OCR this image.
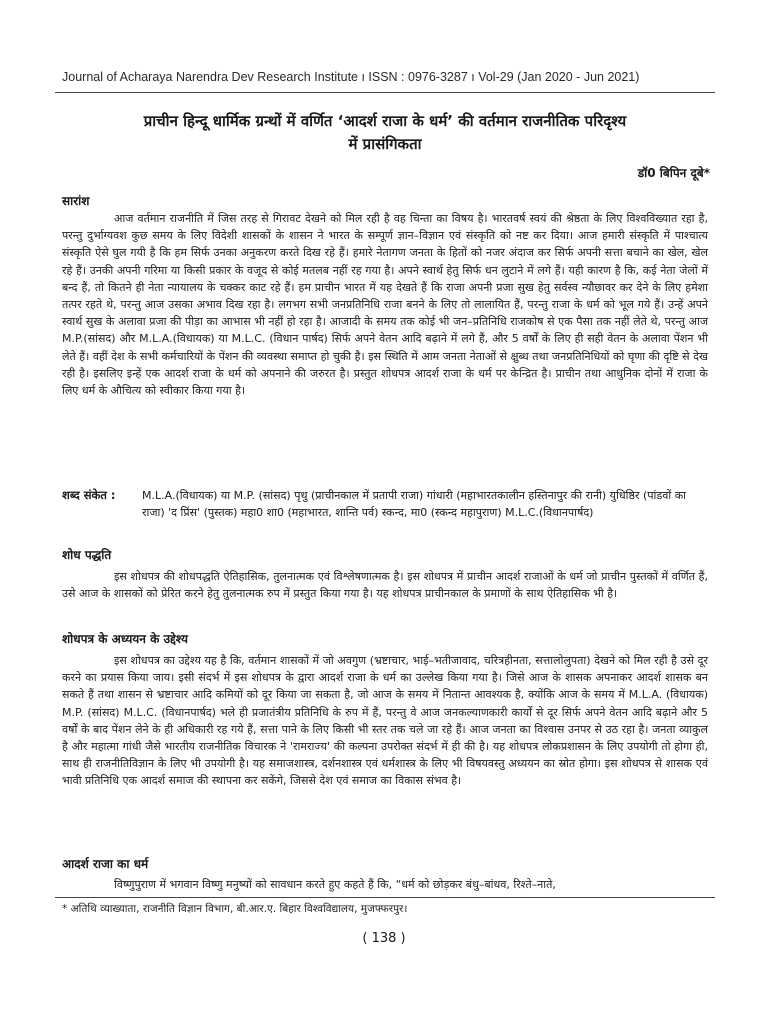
Journal of Acharaya Narendra Dev Research Institute ı ISSN : 0976-3287 ı Vol-29 (Jan 2020 - Jun 2021)
प्राचीन हिन्दू धार्मिक ग्रन्थों में वर्णित ‘आदर्श राजा के धर्म’ की वर्तमान राजनीतिक परिदृश्य
में प्रासंगिकता
डॉ0 बिपिन दूबे*
सारांश
आज वर्तमान राजनीति में जिस तरह से गिरावट देखने को मिल रही है वह चिन्ता का विषय है। भारतवर्ष स्वयं की श्रेष्ठता के लिए विश्वविख्यात रहा है, परन्तु दुर्भाग्यवश कुछ समय के लिए विदेशी शासकों के शासन ने भारत के सम्पूर्ण ज्ञान–विज्ञान एवं संस्कृति को नष्ट कर दिया। आज हमारी संस्कृति में पाश्चात्य संस्कृति ऐसे घुल गयी है कि हम सिर्फ उनका अनुकरण करते दिख रहे हैं। हमारे नेतागण जनता के हितों को नजर अंदाज कर सिर्फ अपनी सत्ता बचाने का खेल, खेल रहे हैं। उनकी अपनी गरिमा या किसी प्रकार के वजूद से कोई मतलब नहीं रह गया है। अपने स्वार्थ हेतु सिर्फ धन लुटाने में लगे हैं। यही कारण है कि, कई नेता जेलों में बन्द हैं, तो कितने ही नेता न्यायालय के चक्कर काट रहे हैं। हम प्राचीन भारत में यह देखते हैं कि राजा अपनी प्रजा सुख हेतु सर्वस्व न्यौछावर कर देने के लिए हमेशा तत्पर रहते थे, परन्तु आज उसका अभाव दिख रहा है। लगभग सभी जनप्रतिनिधि राजा बनने के लिए तो लालायित हैं, परन्तु राजा के धर्म को भूल गये हैं। उन्हें अपने स्वार्थ सुख के अलावा प्रजा की पीड़ा का आभास भी नहीं हो रहा है। आजादी के समय तक कोई भी जन–प्रतिनिधि राजकोष से एक पैसा तक नहीं लेते थे, परन्तु आज M.P.(सांसद) और M.L.A.(विधायक) या M.L.C. (विधान पार्षद) सिर्फ अपने वेतन आदि बढ़ाने में लगे हैं, और 5 वर्षों के लिए ही सही वेतन के अलावा पेंशन भी लेते हैं। वहीं देश के सभी कर्मचारियों के पेंशन की व्यवस्था समाप्त हो चुकी है। इस स्थिति में आम जनता नेताओं से क्षुब्ध तथा जनप्रतिनिधियों को घृणा की दृष्टि से देख रही है। इसलिए इन्हें एक आदर्श राजा के धर्म को अपनाने की जरुरत है। प्रस्तुत शोधपत्र आदर्श राजा के धर्म पर केन्द्रित है। प्राचीन तथा आधुनिक दोनों में राजा के लिए धर्म के औचित्य को स्वीकार किया गया है।
शब्द संकेत : M.L.A.(विधायक) या M.P. (सांसद) पृथु (प्राचीनकाल में प्रतापी राजा) गांधारी (महाभारतकालीन हस्तिनापुर की रानी) युधिष्ठिर (पांडवों का राजा) 'द प्रिंस' (पुस्तक) महा0 शा0 (महाभारत, शान्ति पर्व) स्कन्द, मा0 (स्कन्द महापुराण) M.L.C.(विधानपार्षद)
शोध पद्धति
इस शोधपत्र की शोधपद्धति ऐतिहासिक, तुलनात्मक एवं विश्लेषणात्मक है। इस शोधपत्र में प्राचीन आदर्श राजाओं के धर्म जो प्राचीन पुस्तकों में वर्णित हैं, उसे आज के शासकों को प्रेरित करने हेतु तुलनात्मक रुप में प्रस्तुत किया गया है। यह शोधपत्र प्राचीनकाल के प्रमाणों के साथ ऐतिहासिक भी है।
शोधपत्र के अध्ययन के उद्देश्य
इस शोधपत्र का उद्देश्य यह है कि, वर्तमान शासकों में जो अवगुण (भ्रष्टाचार, भाई–भतीजावाद, चरित्रहीनता, सत्तालोलुपता) देखने को मिल रही है उसे दूर करने का प्रयास किया जाय। इसी संदर्भ में इस शोधपत्र के द्वारा आदर्श राजा के धर्म का उल्लेख किया गया है। जिसे आज के शासक अपनाकर आदर्श शासक बन सकते हैं तथा शासन से भ्रष्टाचार आदि कमियों को दूर किया जा सकता है, जो आज के समय में नितान्त आवश्यक है, क्योंकि आज के समय में M.L.A. (विधायक) M.P. (सांसद) M.L.C. (विधानपार्षद) भले ही प्रजातंत्रीय प्रतिनिधि के रुप में हैं, परन्तु वे आज जनकल्याणकारी कार्यों से दूर सिर्फ अपने वेतन आदि बढ़ाने और 5 वर्षों के बाद पेंशन लेने के ही अधिकारी रह गये हैं, सत्ता पाने के लिए किसी भी स्तर तक चले जा रहे हैं। आज जनता का विश्वास उनपर से उठ रहा है। जनता व्याकुल है और महात्मा गांधी जैसे भारतीय राजनीतिक विचारक ने 'रामराज्य' की कल्पना उपरोक्त संदर्भ में ही की है। यह शोधपत्र लोकप्रशासन के लिए उपयोगी तो होगा ही, साथ ही राजनीतिविज्ञान के लिए भी उपयोगी है। यह समाजशास्त्र, दर्शनशास्त्र एवं धर्मशास्त्र के लिए भी विषयवस्तु अध्ययन का स्रोत होगा। इस शोधपत्र से शासक एवं भावी प्रतिनिधि एक आदर्श समाज की स्थापना कर सकेंगे, जिससे देश एवं समाज का विकास संभव है।
आदर्श राजा का धर्म
विष्णुपुराण में भगवान विष्णु मनुष्यों को सावधान करते हुए कहते हैं कि, “धर्म को छोड़कर बंधु–बांधव, रिश्ते–नाते,
* अतिथि व्याख्याता, राजनीति विज्ञान विभाग, बी.आर.ए. बिहार विश्वविद्यालय, मुजफ्फरपुर।
( 138 )
